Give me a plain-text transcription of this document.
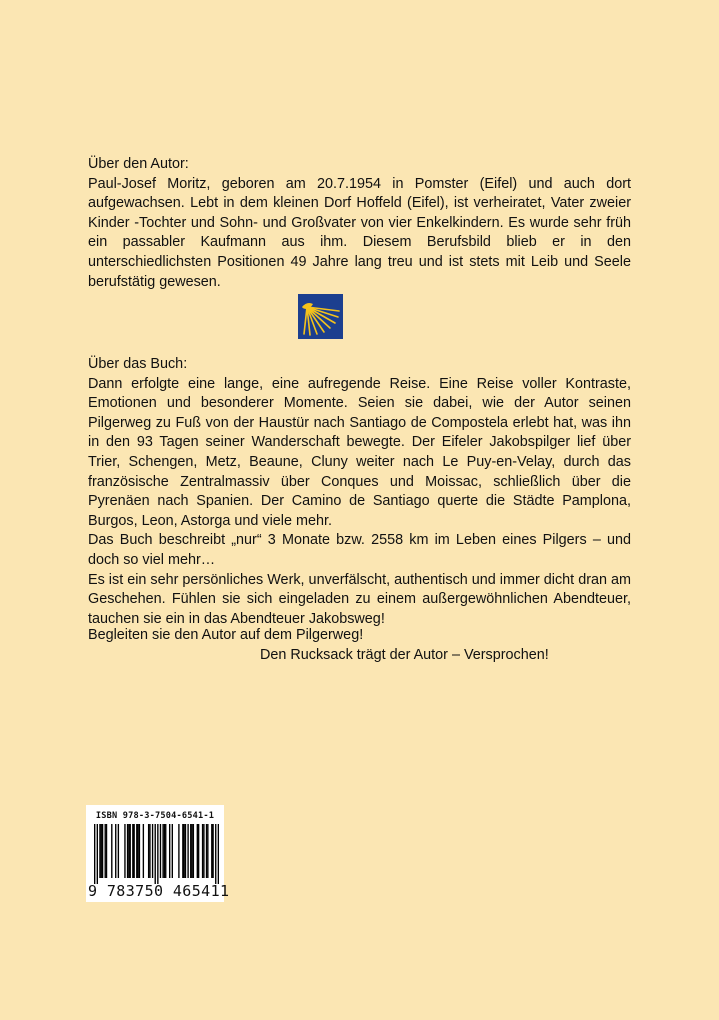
Über den Autor:

Paul-Josef Moritz, geboren am 20.7.1954 in Pomster (Eifel) und auch dort aufgewachsen. Lebt in dem kleinen Dorf Hoffeld (Eifel), ist verheiratet, Vater zweier Kinder -Tochter und Sohn- und Großvater von vier Enkelkindern. Es wurde sehr früh ein passabler Kaufmann aus ihm. Diesem Berufsbild blieb er in den unterschiedlichsten Positionen 49 Jahre lang treu und ist stets mit Leib und Seele berufstätig gewesen.

Über das Buch:

Dann erfolgte eine lange, eine aufregende Reise. Eine Reise voller Kontraste, Emotionen und besonderer Momente. Seien sie dabei, wie der Autor seinen Pilgerweg zu Fuß von der Haustür nach Santiago de Compostela erlebt hat, was ihn in den 93 Tagen seiner Wanderschaft bewegte. Der Eifeler Jakobspilger lief über Trier, Schengen, Metz, Beaune, Cluny weiter nach Le Puy-en-Velay, durch das französische Zentralmassiv über Conques und Moissac, schließlich über die Pyrenäen nach Spanien. Der Camino de Santiago querte die Städte Pamplona, Burgos, Leon, Astorga und viele mehr.

Das Buch beschreibt „nur“ 3 Monate bzw. 2558 km im Leben eines Pilgers – und doch so viel mehr…

Es ist ein sehr persönliches Werk, unverfälscht, authentisch und immer dicht dran am Geschehen. Fühlen sie sich eingeladen zu einem außergewöhnlichen Abendteuer, tauchen sie ein in das Abendteuer Jakobsweg!

Begleiten sie den Autor auf dem Pilgerweg!

Den Rucksack trägt der Autor – Versprochen!

ISBN 978-3-7504-6541-1
9 783750 465411
